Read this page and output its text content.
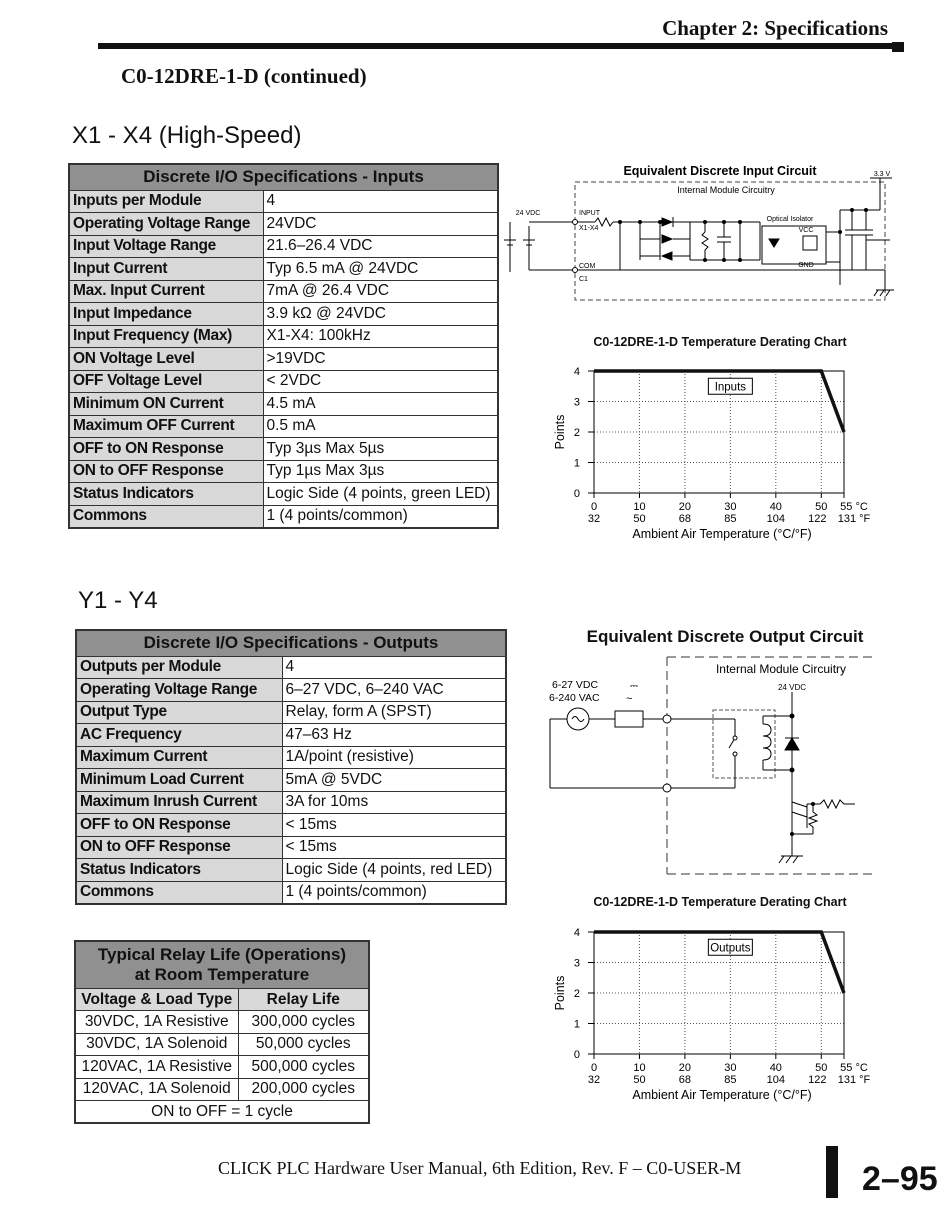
Chapter 2: Specifications
C0-12DRE-1-D (continued)
X1 - X4 (High-Speed)
Discrete I/O Specifications - Inputs	
Inputs per Module	4
Operating Voltage Range	24VDC
Input Voltage Range	21.6–26.4 VDC
Input Current	Typ 6.5 mA @ 24VDC
Max. Input Current	7mA @ 26.4 VDC
Input Impedance	3.9 kΩ @ 24VDC
Input Frequency (Max)	X1-X4: 100kHz
ON Voltage Level	>19VDC
OFF Voltage Level	< 2VDC
Minimum ON Current	4.5 mA
Maximum OFF Current	0.5 mA
OFF to ON Response	Typ 3µs Max 5µs
ON to OFF Response	Typ 1µs Max 3µs
Status Indicators	Logic Side (4 points, green LED)
Commons	1 (4 points/common)
Equivalent Discrete Input Circuit	3.3 V
Internal Module Circuitry
24 VDC	INPUT
X1-X4
COM
C1
Optical Isolator
VCC
GND
C0-12DRE-1-D Temperature Derating Chart
0
1
2
3
4
0
32
10
50
20
68
30
85
40
104
50
122
55 °C
131 °F
Points
Ambient Air Temperature (°C/°F)
Inputs
Y1 - Y4
Discrete I/O Specifications - Outputs	
Outputs per Module	4
Operating Voltage Range	6–27 VDC, 6–240 VAC
Output Type	Relay, form A (SPST)
AC Frequency	47–63 Hz
Maximum Current	1A/point (resistive)
Minimum Load Current	5mA @ 5VDC
Maximum Inrush Current	3A for 10ms
OFF to ON Response	< 15ms
ON to OFF Response	< 15ms
Status Indicators	Logic Side (4 points, red LED)
Commons	1 (4 points/common)
Equivalent Discrete Output Circuit
Internal Module Circuitry
24 VDC
6-27 VDC
6-240 VAC
⎓
~
Typical Relay Life (Operations)
at Room Temperature	

Voltage & Load Type	Relay Life
30VDC, 1A Resistive	300,000 cycles
30VDC, 1A Solenoid	50,000 cycles
120VAC, 1A Resistive	500,000 cycles
120VAC, 1A Solenoid	200,000 cycles
ON to OFF = 1 cycle	
C0-12DRE-1-D Temperature Derating Chart
0
1
2
3
4
0
32
10
50
20
68
30
85
40
104
50
122
55 °C
131 °F
Points
Ambient Air Temperature (°C/°F)
Outputs
CLICK PLC Hardware User Manual, 6th Edition, Rev. F – C0-USER-M	2–95
